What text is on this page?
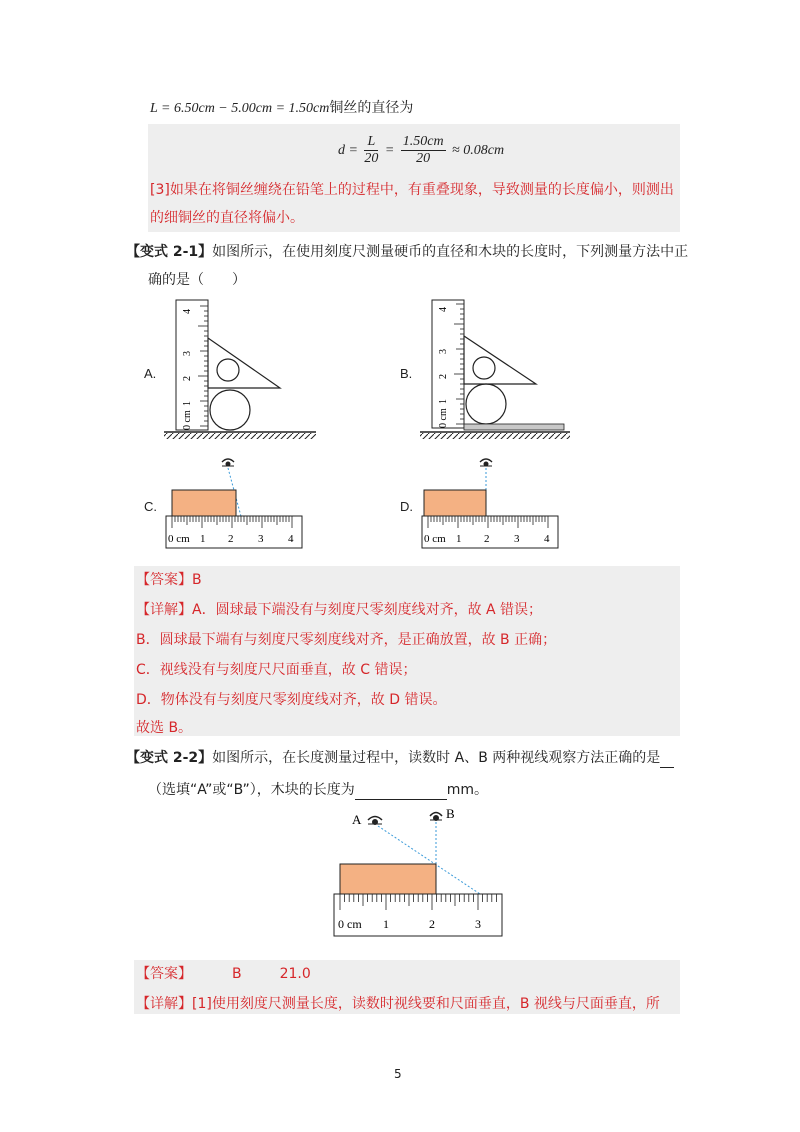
L = 6.50cm − 5.00cm = 1.50cm铜丝的直径为
$d = \frac{L}{20} = \frac{1.50cm}{20} \approx 0.08cm$
[3]如果在将铜丝缠绕在铅笔上的过程中，有重叠现象，导致测量的长度偏小，则测出
的细铜丝的直径将偏小。
【变式 2-1】如图所示，在使用刻度尺测量硬币的直径和木块的长度时，下列测量方法中正
确的是（　　）
A.	B.
C.	D.
0 cm
1
2
3
4
0 cm
1
2
3
4
0 cm 1 2 3 4	0 cm 1 2 3 4
【答案】B
【详解】A．圆球最下端没有与刻度尺零刻度线对齐，故 A 错误；
B．圆球最下端有与刻度尺零刻度线对齐，是正确放置，故 B 正确；
C．视线没有与刻度尺尺面垂直，故 C 错误；
D．物体没有与刻度尺零刻度线对齐，故 D 错误。
故选 B。
【变式 2-2】如图所示，在长度测量过程中，读数时 A、B 两种视线观察方法正确的是
（选填“A”或“B”），木块的长度为	mm。
A	B
0 cm 1	2	3
【答案】	B	21.0
【详解】[1]使用刻度尺测量长度，读数时视线要和尺面垂直，B 视线与尺面垂直，所
5
